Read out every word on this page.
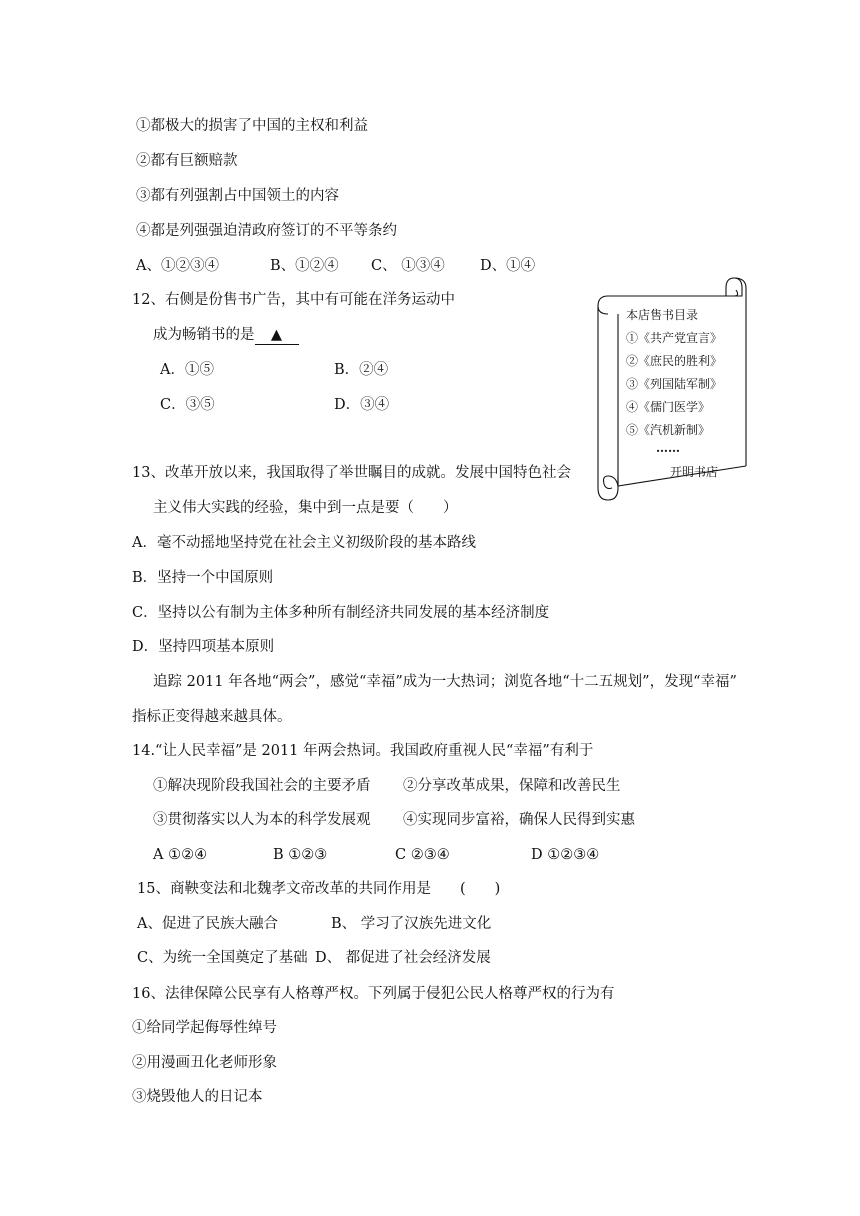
①都极大的损害了中国的主权和利益
②都有巨额赔款
③都有列强割占中国领土的内容
④都是列强强迫清政府签订的不平等条约
A、①②③④	B、①②④ C、 ①③④ D、①④
12、右侧是份售书广告，其中有可能在洋务运动中
成为畅销书的是 ▲
A．①⑤	B．②④
C．③⑤	D．③④
本店售书目录
①《共产党宣言》
②《庶民的胜利》
③《列国陆军制》
④《儒门医学》
⑤《汽机新制》
……
开明书店
13、改革开放以来，我国取得了举世瞩目的成就。发展中国特色社会
主义伟大实践的经验，集中到一点是要（　　）
A．毫不动摇地坚持党在社会主义初级阶段的基本路线
B．坚持一个中国原则
C．坚持以公有制为主体多种所有制经济共同发展的基本经济制度
D．坚持四项基本原则
追踪 2011 年各地“两会”，感觉“幸福”成为一大热词；浏览各地“十二五规划”，发现“幸福”
指标正变得越来越具体。
14.“让人民幸福”是 2011 年两会热词。我国政府重视人民“幸福”有利于
①解决现阶段我国社会的主要矛盾 ②分享改革成果，保障和改善民生
③贯彻落实以人为本的科学发展观 ④实现同步富裕，确保人民得到实惠
A ①②④	B ①②③	C ②③④	D ①②③④
15、商鞅变法和北魏孝文帝改革的共同作用是　　(　　)
A、促进了民族大融合	B、 学习了汉族先进文化
C、为统一全国奠定了基础 D、 都促进了社会经济发展
16、法律保障公民享有人格尊严权。下列属于侵犯公民人格尊严权的行为有
①给同学起侮辱性绰号
②用漫画丑化老师形象
③烧毁他人的日记本
